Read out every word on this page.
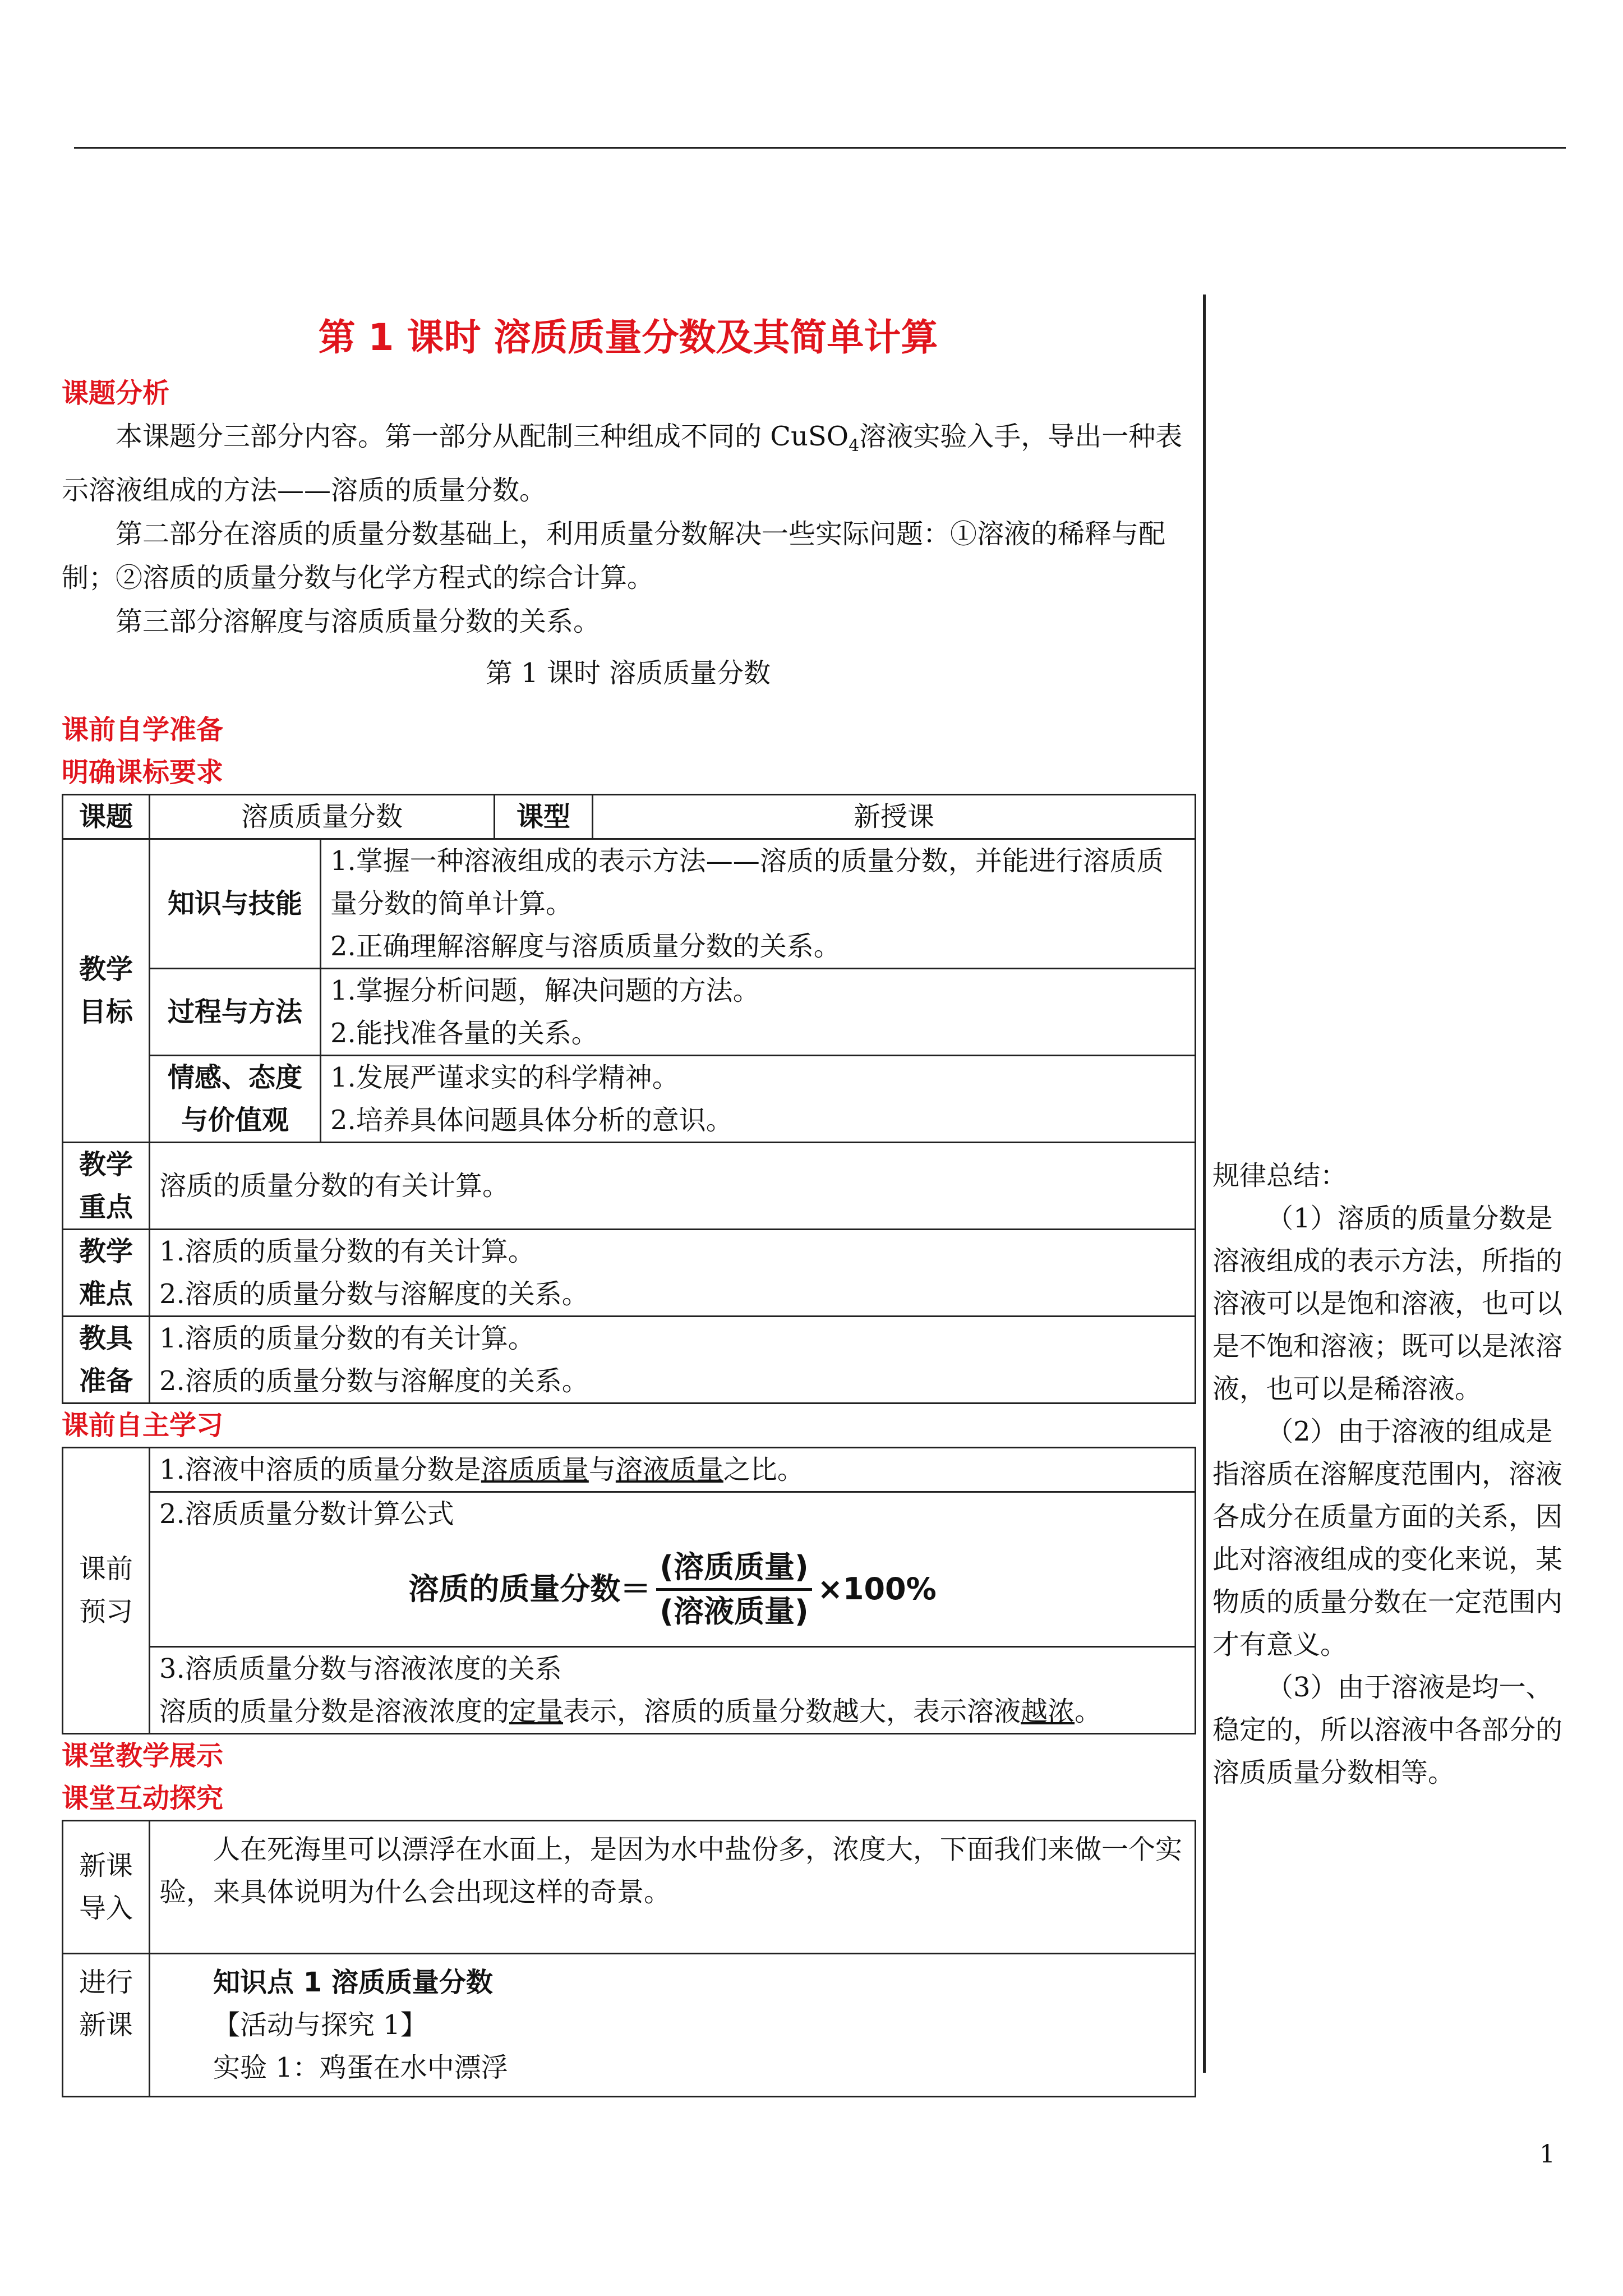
第 1 课时 溶质质量分数及其简单计算
课题分析

本课题分三部分内容。第一部分从配制三种组成不同的 CuSO$_4$溶液实验入手，导出一种表示溶液组成的方法——溶质的质量分数。

第二部分在溶质的质量分数基础上，利用质量分数解决一些实际问题：①溶液的稀释与配制；②溶质的质量分数与化学方程式的综合计算。

第三部分溶解度与溶质质量分数的关系。

第 1 课时 溶质质量分数
课前自学准备
明确课标要求
课题	溶质质量分数		课型	新授课
教学目标	知识与技能	1.掌握一种溶液组成的表示方法——溶质的质量分数，并能进行溶质质量分数的简单计算。
2.正确理解溶解度与溶质质量分数的关系。		

	过程与方法	1.掌握分析问题，解决问题的方法。
2.能找准各量的关系。		

	情感、态度与价值观	1.发展严谨求实的科学精神。
2.培养具体问题具体分析的意识。		

教学重点	溶质的质量分数的有关计算。			
教学难点	1.溶质的质量分数的有关计算。
2.溶质的质量分数与溶解度的关系。			

教具准备	1.溶质的质量分数的有关计算。
2.溶质的质量分数与溶解度的关系。			
课前自主学习
课前预习	1.溶液中溶质的质量分数是溶质质量与溶液质量之比。

2.溶质质量分数计算公式
溶质的质量分数＝ $\frac{\text{(溶质质量)}}{\text{(溶液质量)}} \times 100\%$

3.溶质质量分数与溶液浓度的关系
溶质的质量分数是溶液浓度的定量表示，溶质的质量分数越大，表示溶液越浓。
课堂教学展示
课堂互动探究
新课导入	人在死海里可以漂浮在水面上，是因为水中盐份多，浓度大，下面我们来做一个实验，来具体说明为什么会出现这样的奇景。
进行新课	知识点 1 溶质质量分数
【活动与探究 1】
实验 1：鸡蛋在水中漂浮

规律总结：

（1）溶质的质量分数是溶液组成的表示方法，所指的溶液可以是饱和溶液，也可以是不饱和溶液；既可以是浓溶液，也可以是稀溶液。

（2）由于溶液的组成是指溶质在溶解度范围内，溶液各成分在质量方面的关系，因此对溶液组成的变化来说，某物质的质量分数在一定范围内才有意义。

（3）由于溶液是均一、稳定的，所以溶液中各部分的溶质质量分数相等。

1
